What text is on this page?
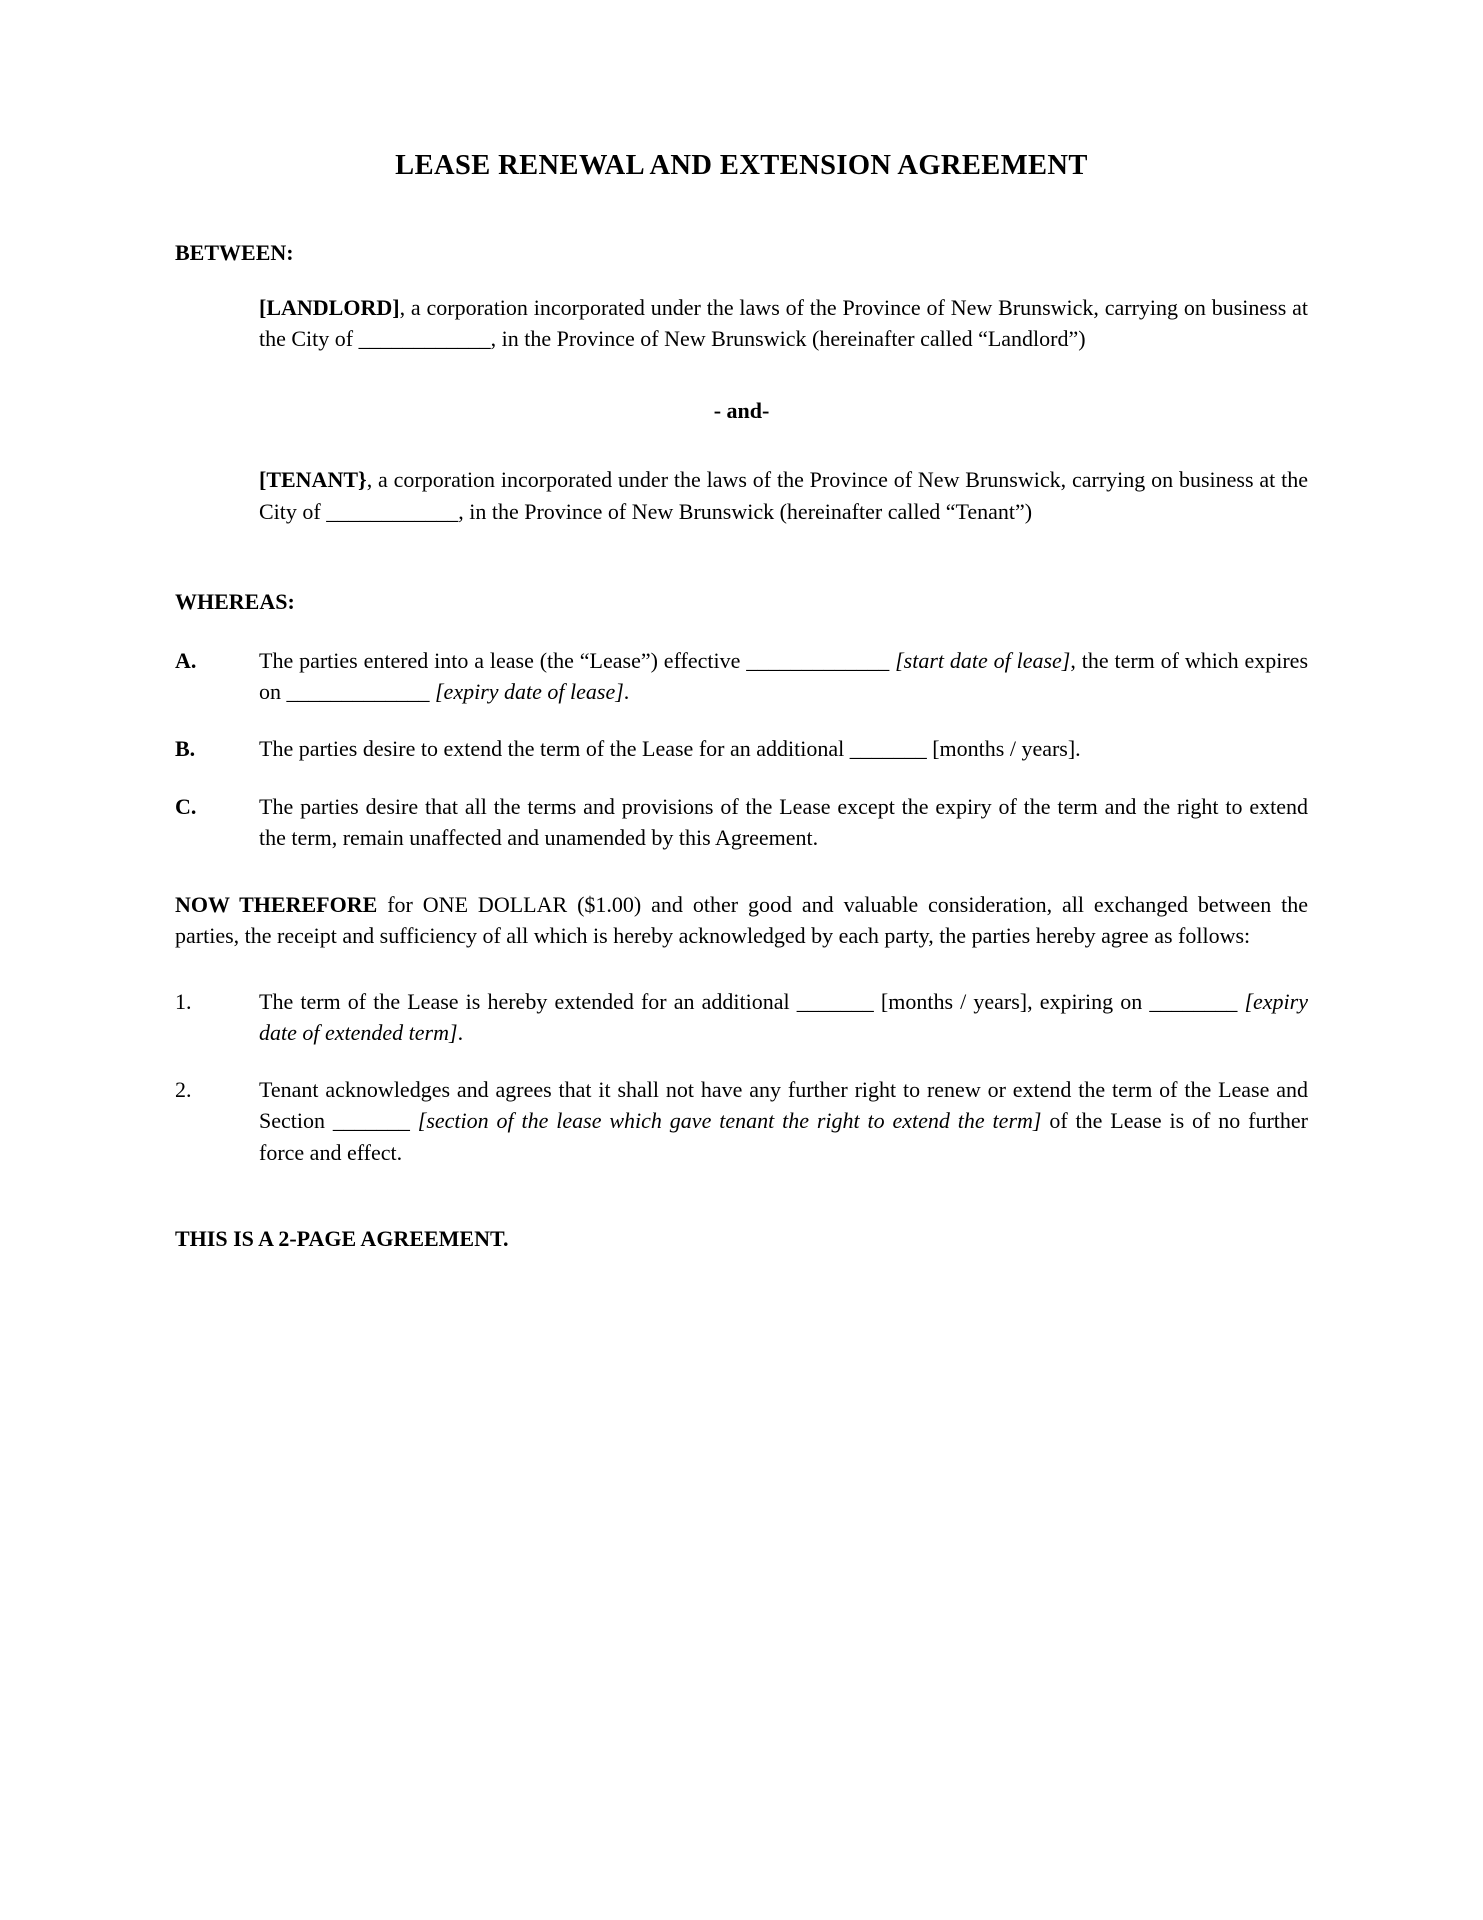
LEASE RENEWAL AND EXTENSION AGREEMENT
BETWEEN:
[LANDLORD], a corporation incorporated under the laws of the Province of New Brunswick, carrying on business at the City of ____________, in the Province of New Brunswick (hereinafter called “Landlord”)
- and-
[TENANT}, a corporation incorporated under the laws of the Province of New Brunswick, carrying on business at the City of ____________, in the Province of New Brunswick (hereinafter called “Tenant”)
WHEREAS:
A.	The parties entered into a lease (the “Lease”) effective _____________ [start date of lease], the term of which expires on _____________ [expiry date of lease].
B.	The parties desire to extend the term of the Lease for an additional _______ [months / years].
C.	The parties desire that all the terms and provisions of the Lease except the expiry of the term and the right to extend the term, remain unaffected and unamended by this Agreement.
NOW THEREFORE for ONE DOLLAR ($1.00) and other good and valuable consideration, all exchanged between the parties, the receipt and sufficiency of all which is hereby acknowledged by each party, the parties hereby agree as follows:
1.	The term of the Lease is hereby extended for an additional _______ [months / years], expiring on ________ [expiry date of extended term].
2.	Tenant acknowledges and agrees that it shall not have any further right to renew or extend the term of the Lease and Section _______ [section of the lease which gave tenant the right to extend the term] of the Lease is of no further force and effect.
THIS IS A 2-PAGE AGREEMENT.
